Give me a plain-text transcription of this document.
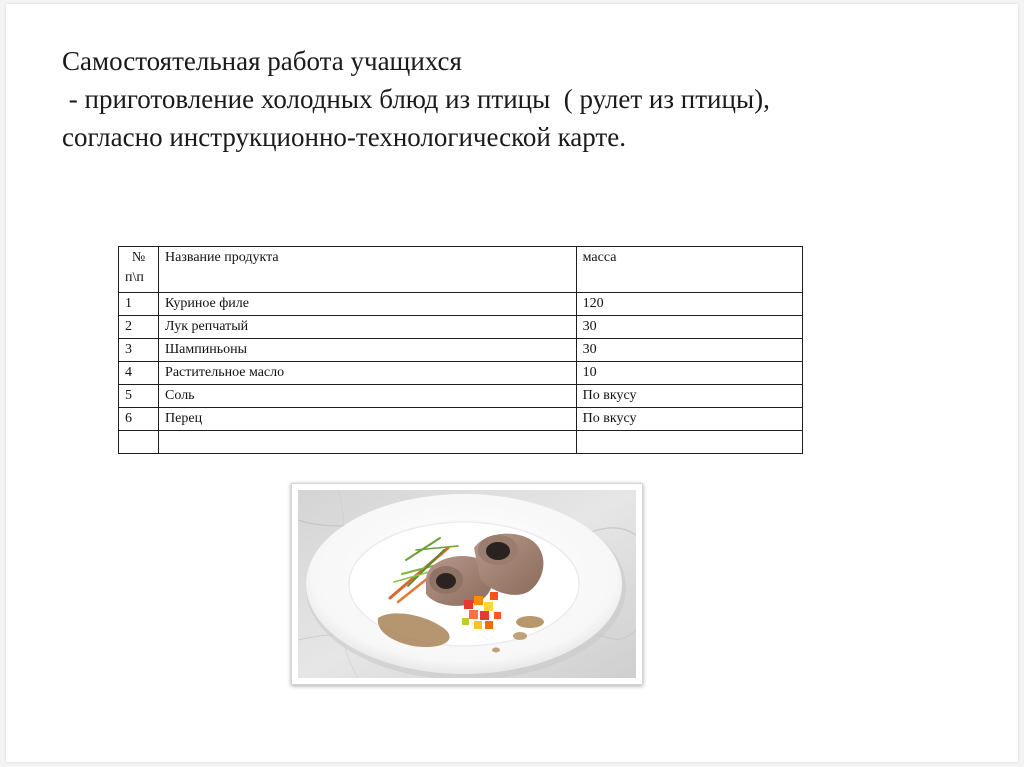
Самостоятельная работа учащихся
- приготовление холодных блюд из птицы  ( рулет из птицы),
согласно инструкционно-технологической карте.
№
п\п	Название продукта	масса
1	Куриное филе	120
2	Лук репчатый	30
3	Шампиньоны	30
4	Растительное масло	10
5	Соль	По вкусу
6	Перец	По вкусу
